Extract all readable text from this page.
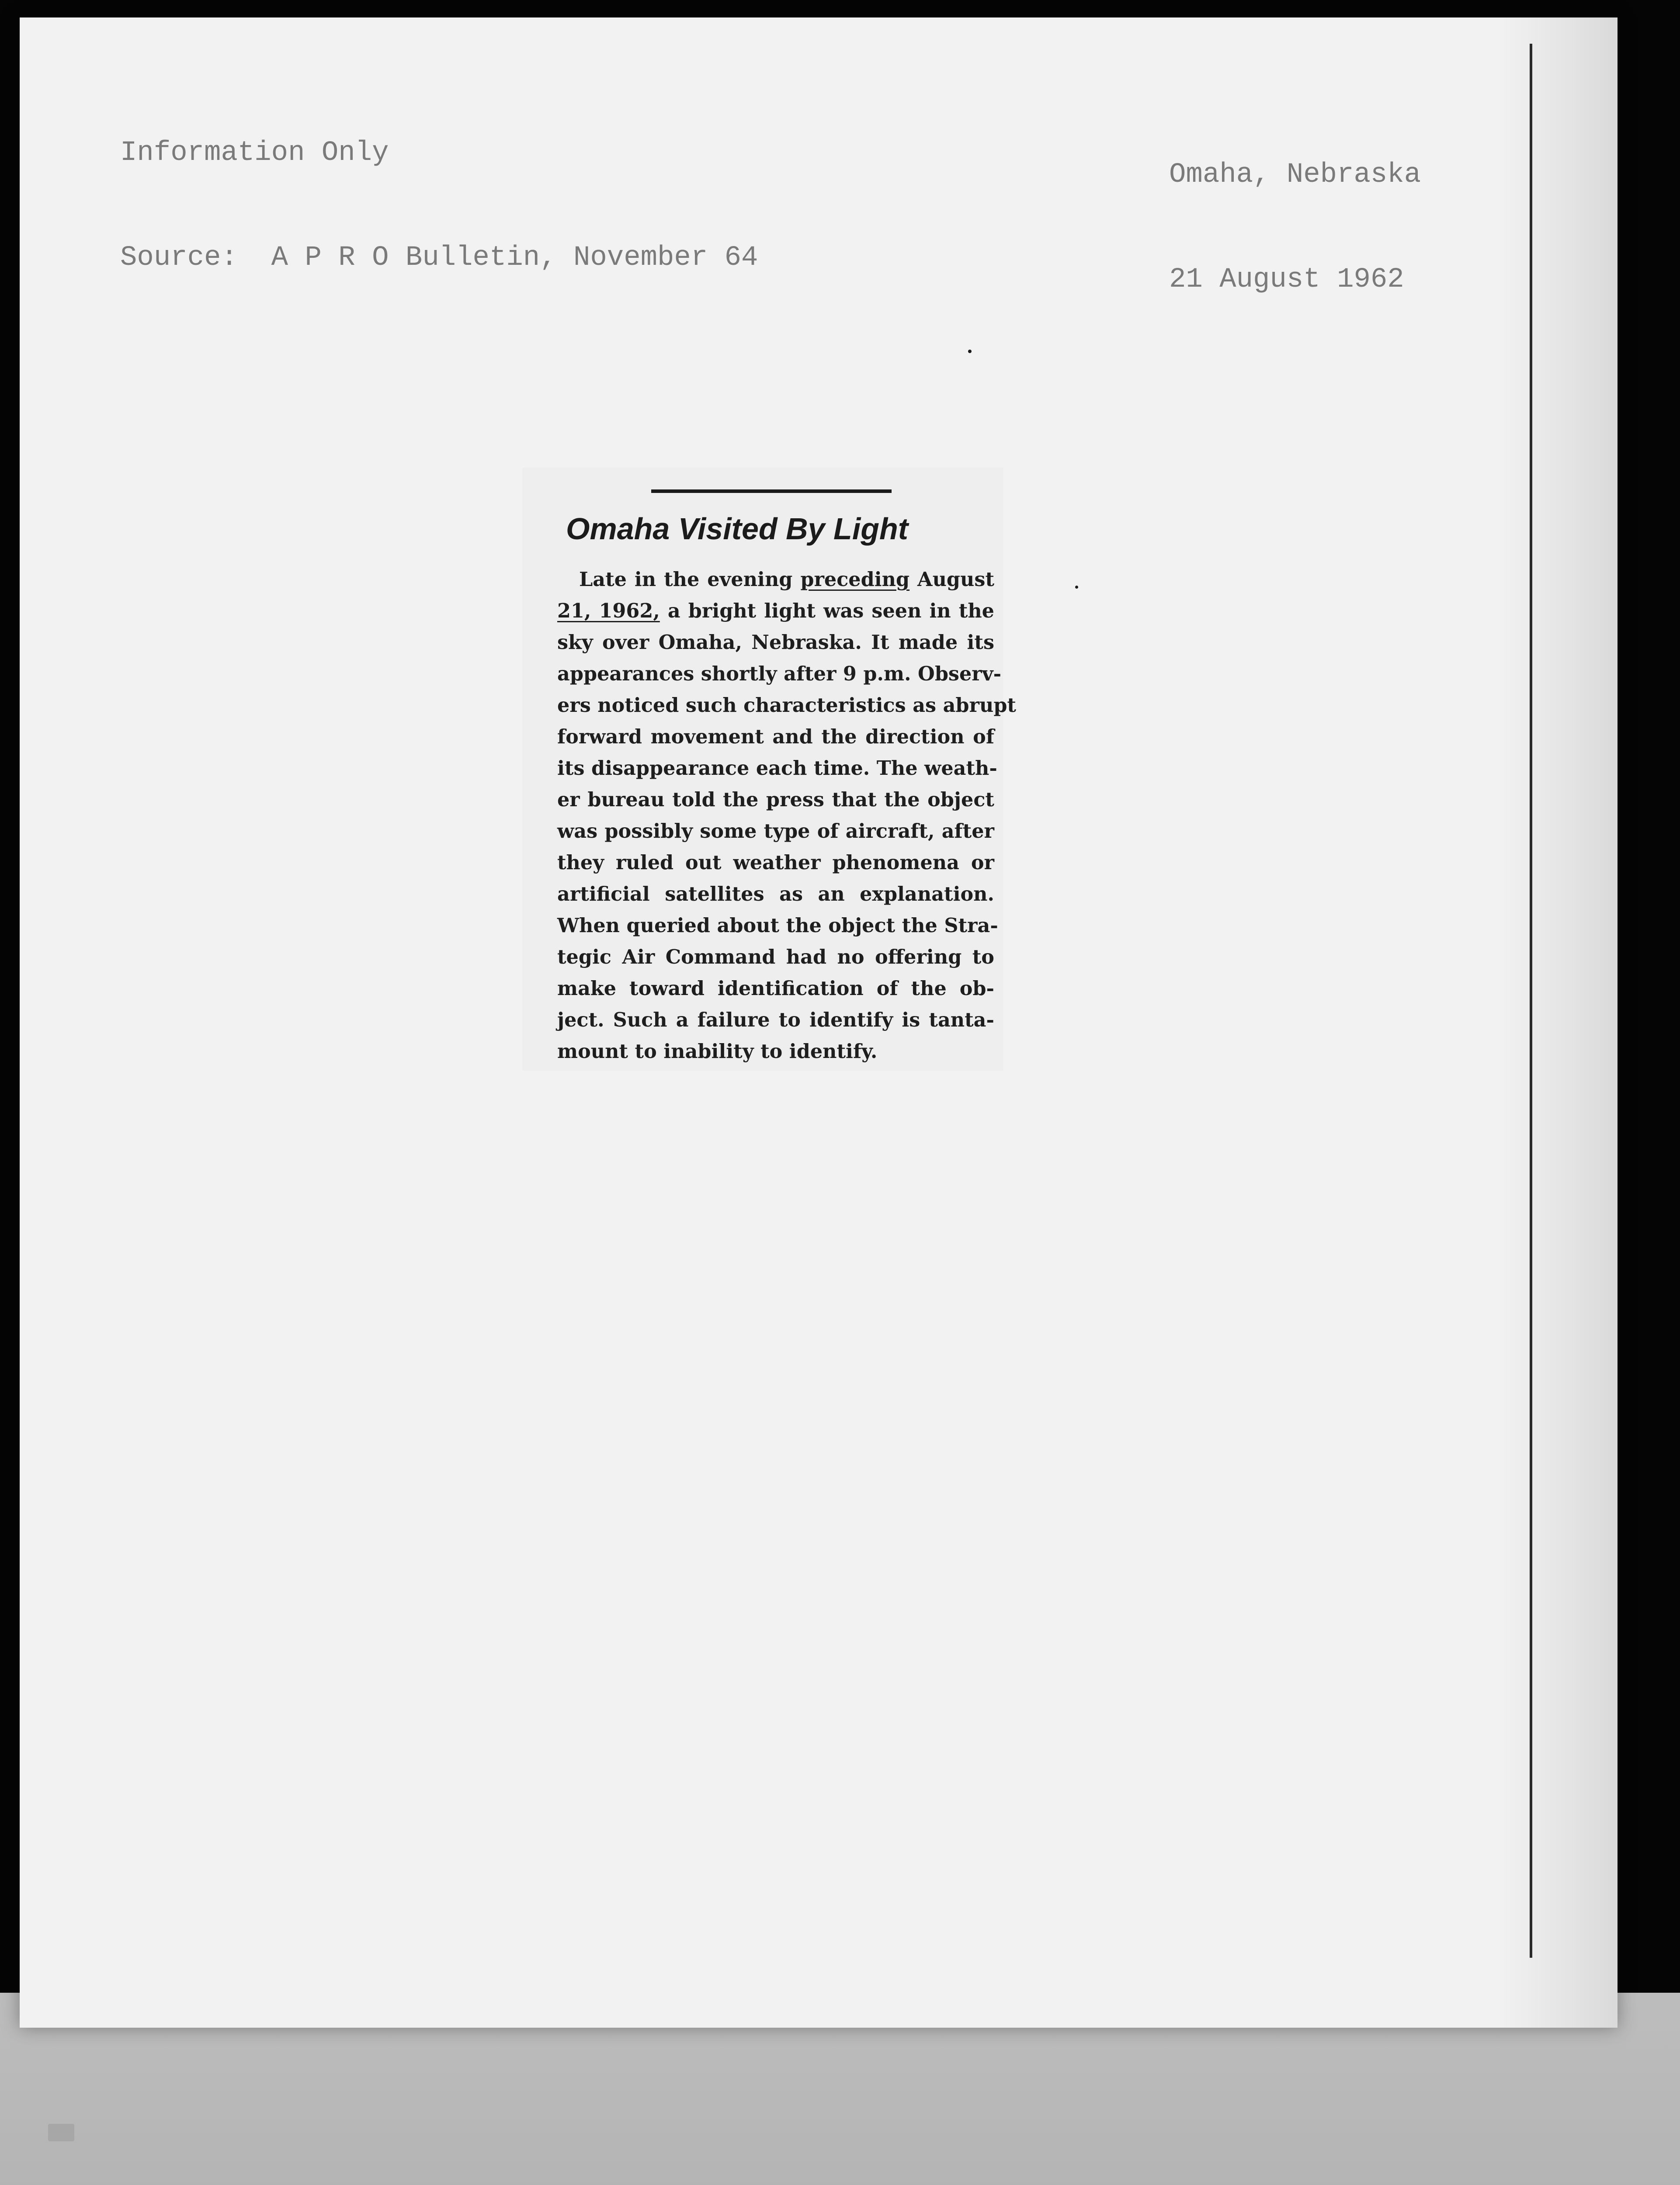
Information Only

Source:  A P R O Bulletin, November 64

Omaha, Nebraska

21 August 1962

Omaha Visited By Light
Late in the evening preceding August
21, 1962, a bright light was seen in the
sky over Omaha, Nebraska. It made its
appearances shortly after 9 p.m. Observ-
ers noticed such characteristics as abrupt
forward movement and the direction of
its disappearance each time. The weath-
er bureau told the press that the object
was possibly some type of aircraft, after
they ruled out weather phenomena or
artificial satellites as an explanation.
When queried about the object the Stra-
tegic Air Command had no offering to
make toward identification of the ob-
ject. Such a failure to identify is tanta-
mount to inability to identify.
